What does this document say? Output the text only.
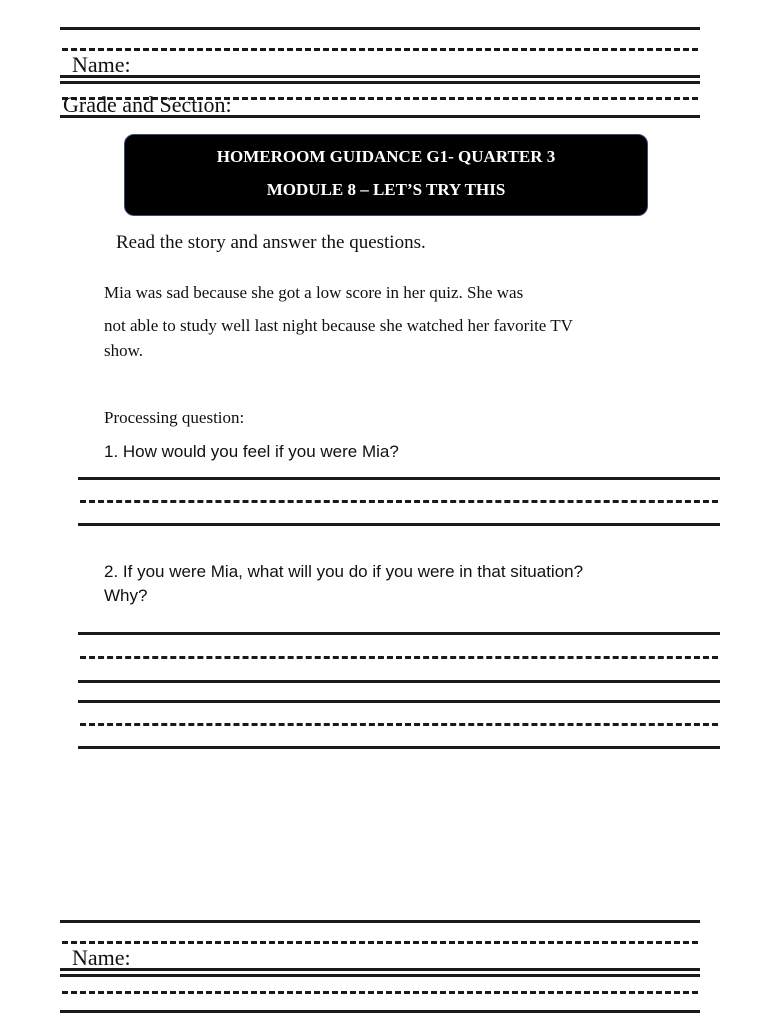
Name:
Grade and Section:
HOMEROOM GUIDANCE G1- QUARTER 3
MODULE 8 – LET’S TRY THIS
Read the story and answer the questions.
Mia was sad because she got a low score in her quiz. She was
not able to study well last night because she watched her favorite TV
show.
Processing question:
1. How would you feel if you were Mia?
2. If you were Mia, what will you do if you were in that situation?
Why?
Name:
